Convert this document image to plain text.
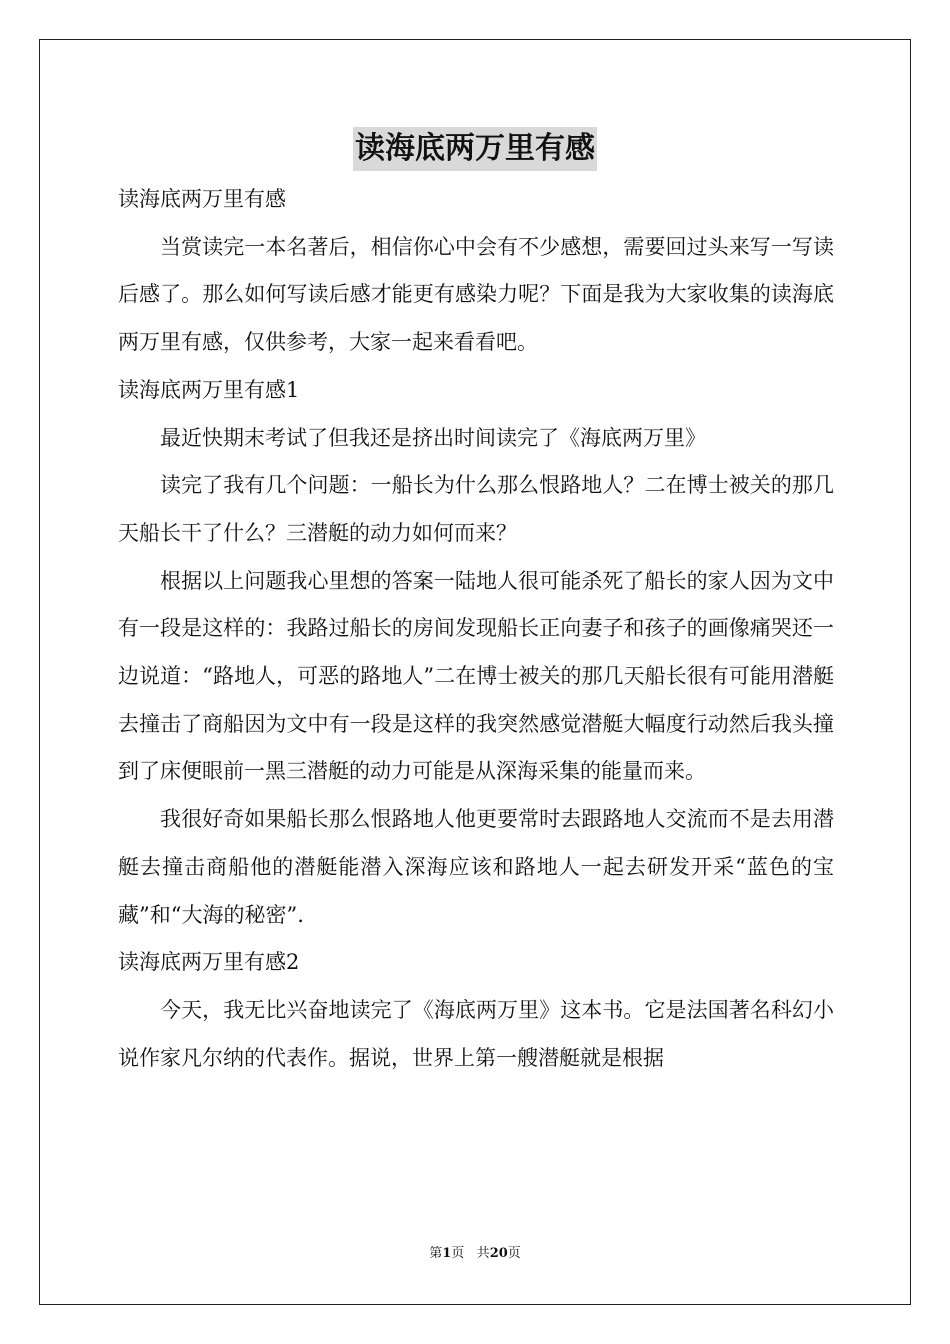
读海底两万里有感

读海底两万里有感

当赏读完一本名著后，相信你心中会有不少感想，需要回过头来写一写读后感了。那么如何写读后感才能更有感染力呢？下面是我为大家收集的读海底两万里有感，仅供参考，大家一起来看看吧。

读海底两万里有感1

最近快期末考试了但我还是挤出时间读完了《海底两万里》

读完了我有几个问题：一船长为什么那么恨路地人？二在博士被关的那几天船长干了什么？三潜艇的动力如何而来？

根据以上问题我心里想的答案一陆地人很可能杀死了船长的家人因为文中有一段是这样的：我路过船长的房间发现船长正向妻子和孩子的画像痛哭还一边说道：“路地人，可恶的路地人”二在博士被关的那几天船长很有可能用潜艇去撞击了商船因为文中有一段是这样的我突然感觉潜艇大幅度行动然后我头撞到了床便眼前一黑三潜艇的动力可能是从深海采集的能量而来。

我很好奇如果船长那么恨路地人他更要常时去跟路地人交流而不是去用潜艇去撞击商船他的潜艇能潜入深海应该和路地人一起去研发开采“蓝色的宝藏”和“大海的秘密”.

读海底两万里有感2

今天，我无比兴奋地读完了《海底两万里》这本书。它是法国著名科幻小说作家凡尔纳的代表作。据说，世界上第一艘潜艇就是根据

第1页 共20页
